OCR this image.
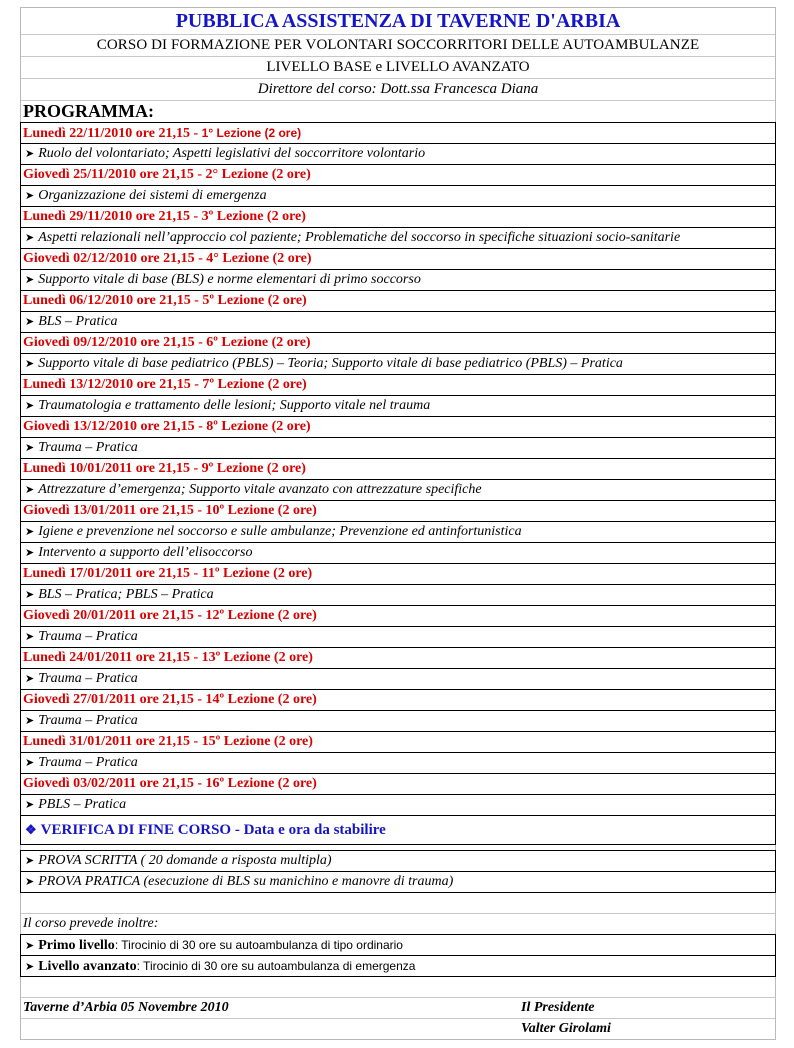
PUBBLICA ASSISTENZA DI TAVERNE D'ARBIA
CORSO DI FORMAZIONE PER VOLONTARI SOCCORRITORI DELLE AUTOAMBULANZE
LIVELLO BASE e LIVELLO AVANZATO
Direttore del corso: Dott.ssa Francesca Diana
PROGRAMMA:
Lunedì 22/11/2010 ore 21,15 - 1° Lezione (2 ore)
➤ Ruolo del volontariato; Aspetti legislativi del soccorritore volontario
Giovedì 25/11/2010 ore 21,15 - 2° Lezione (2 ore)
➤ Organizzazione dei sistemi di emergenza
Lunedì 29/11/2010 ore 21,15 - 3º Lezione (2 ore)
➤ Aspetti relazionali nell’approccio col paziente; Problematiche del soccorso in specifiche situazioni socio-sanitarie
Giovedì 02/12/2010 ore 21,15 - 4° Lezione (2 ore)
➤ Supporto vitale di base (BLS) e norme elementari di primo soccorso
Lunedì 06/12/2010 ore 21,15 - 5º Lezione (2 ore)
➤ BLS – Pratica
Giovedì 09/12/2010 ore 21,15 - 6º Lezione (2 ore)
➤ Supporto vitale di base pediatrico (PBLS) – Teoria; Supporto vitale di base pediatrico (PBLS) – Pratica
Lunedì 13/12/2010 ore 21,15 - 7º Lezione (2 ore)
➤ Traumatologia e trattamento delle lesioni; Supporto vitale nel trauma
Giovedì 13/12/2010 ore 21,15 - 8º Lezione (2 ore)
➤ Trauma – Pratica
Lunedì 10/01/2011 ore 21,15 - 9º Lezione (2 ore)
➤ Attrezzature d’emergenza; Supporto vitale avanzato con attrezzature specifiche
Giovedì 13/01/2011 ore 21,15 - 10º Lezione (2 ore)
➤ Igiene e prevenzione nel soccorso e sulle ambulanze; Prevenzione ed antinfortunistica
➤ Intervento a supporto dell’elisoccorso
Lunedì 17/01/2011 ore 21,15 - 11º Lezione (2 ore)
➤ BLS – Pratica; PBLS – Pratica
Giovedì 20/01/2011 ore 21,15 - 12º Lezione (2 ore)
➤ Trauma – Pratica
Lunedì 24/01/2011 ore 21,15 - 13º Lezione (2 ore)
➤ Trauma – Pratica
Giovedì 27/01/2011 ore 21,15 - 14º Lezione (2 ore)
➤ Trauma – Pratica
Lunedì 31/01/2011 ore 21,15 - 15º Lezione (2 ore)
➤ Trauma – Pratica
Giovedì 03/02/2011 ore 21,15 - 16º Lezione (2 ore)
➤ PBLS – Pratica
❖ VERIFICA DI FINE CORSO - Data e ora da stabilire
➤ PROVA SCRITTA ( 20 domande a risposta multipla)
➤ PROVA PRATICA (esecuzione di BLS su manichino e manovre di trauma)
Il corso prevede inoltre:
➤ Primo livello: Tirocinio di 30 ore su autoambulanza di tipo ordinario
➤ Livello avanzato: Tirocinio di 30 ore su autoambulanza di emergenza
Taverne d’Arbia 05 Novembre 2010	Il Presidente
Valter Girolami
